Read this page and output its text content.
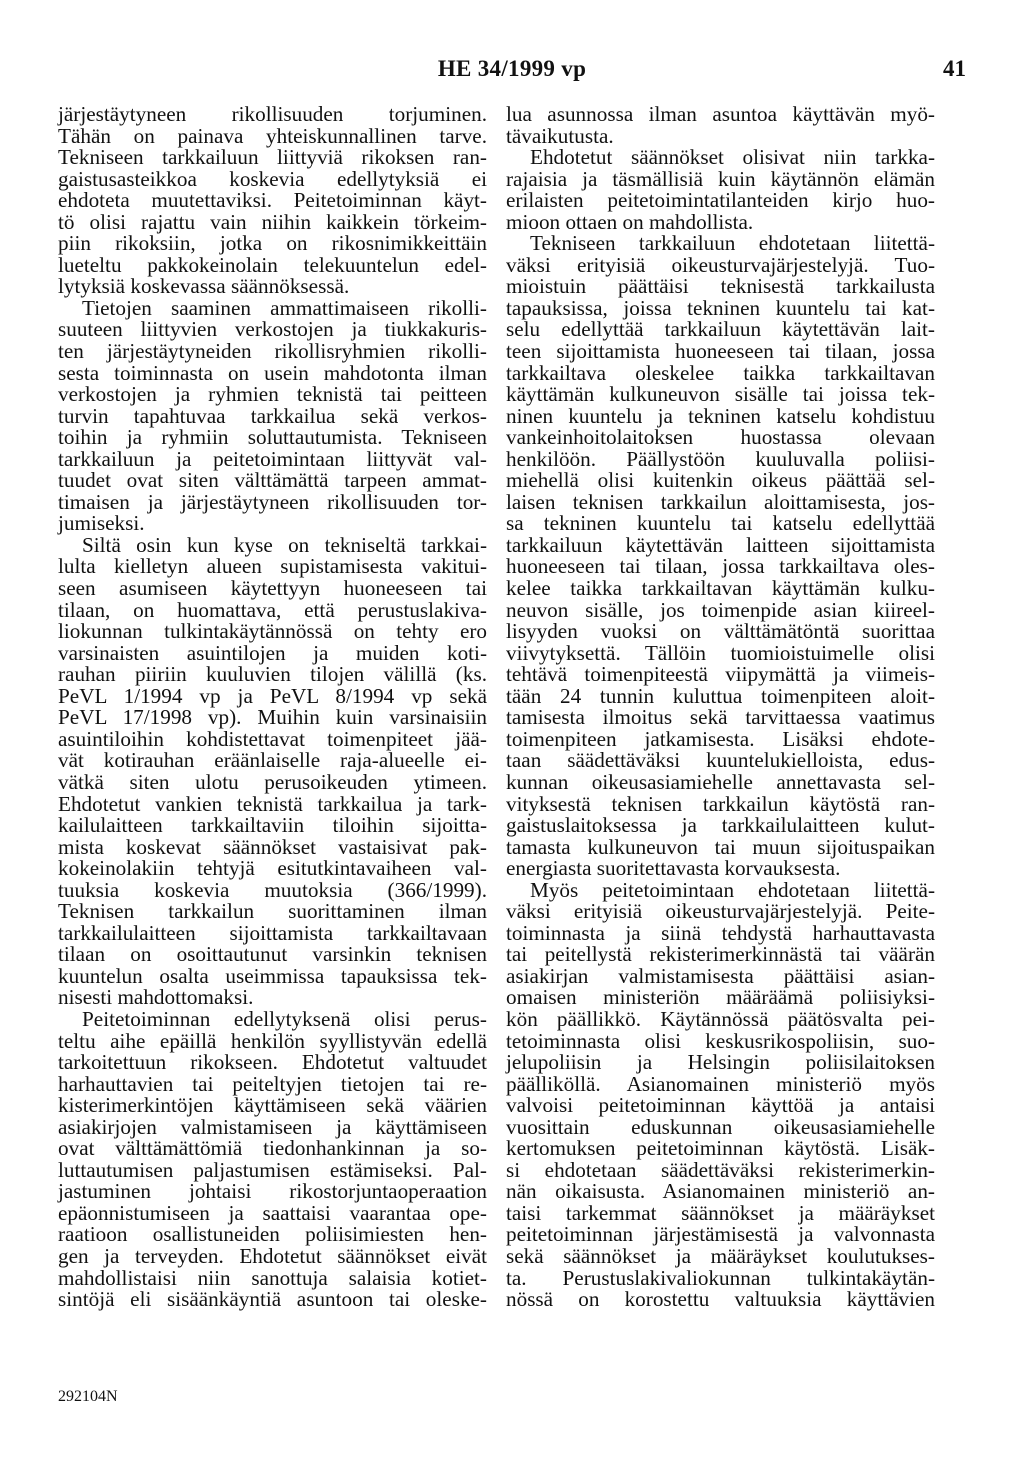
HE 34/1999 vp	41
järjestäytyneen rikollisuuden torjuminen.
Tähän on painava yhteiskunnallinen tarve.
Tekniseen tarkkailuun liittyviä rikoksen ran-
gaistusasteikkoa koskevia edellytyksiä ei
ehdoteta muutettaviksi. Peitetoiminnan käyt-
tö olisi rajattu vain niihin kaikkein törkeim-
piin rikoksiin, jotka on rikosnimikkeittäin
lueteltu pakkokeinolain telekuuntelun edel-
lytyksiä koskevassa säännöksessä.
Tietojen saaminen ammattimaiseen rikolli-
suuteen liittyvien verkostojen ja tiukkakuris-
ten järjestäytyneiden rikollisryhmien rikolli-
sesta toiminnasta on usein mahdotonta ilman
verkostojen ja ryhmien teknistä tai peitteen
turvin tapahtuvaa tarkkailua sekä verkos-
toihin ja ryhmiin soluttautumista. Tekniseen
tarkkailuun ja peitetoimintaan liittyvät val-
tuudet ovat siten välttämättä tarpeen ammat-
timaisen ja järjestäytyneen rikollisuuden tor-
jumiseksi.
Siltä osin kun kyse on tekniseltä tarkkai-
lulta kielletyn alueen supistamisesta vakitui-
seen asumiseen käytettyyn huoneeseen tai
tilaan, on huomattava, että perustuslakiva-
liokunnan tulkintakäytännössä on tehty ero
varsinaisten asuintilojen ja muiden koti-
rauhan piiriin kuuluvien tilojen välillä (ks.
PeVL 1/1994 vp ja PeVL 8/1994 vp sekä
PeVL 17/1998 vp). Muihin kuin varsinaisiin
asuintiloihin kohdistettavat toimenpiteet jää-
vät kotirauhan eräänlaiselle raja-alueelle ei-
vätkä siten ulotu perusoikeuden ytimeen.
Ehdotetut vankien teknistä tarkkailua ja tark-
kailulaitteen tarkkailtaviin tiloihin sijoitta-
mista koskevat säännökset vastaisivat pak-
kokeinolakiin tehtyjä esitutkintavaiheen val-
tuuksia koskevia muutoksia (366/1999).
Teknisen tarkkailun suorittaminen ilman
tarkkailulaitteen sijoittamista tarkkailtavaan
tilaan on osoittautunut varsinkin teknisen
kuuntelun osalta useimmissa tapauksissa tek-
nisesti mahdottomaksi.
Peitetoiminnan edellytyksenä olisi perus-
teltu aihe epäillä henkilön syyllistyvän edellä
tarkoitettuun rikokseen. Ehdotetut valtuudet
harhauttavien tai peiteltyjen tietojen tai re-
kisterimerkintöjen käyttämiseen sekä väärien
asiakirjojen valmistamiseen ja käyttämiseen
ovat välttämättömiä tiedonhankinnan ja so-
luttautumisen paljastumisen estämiseksi. Pal-
jastuminen johtaisi rikostorjuntaoperaation
epäonnistumiseen ja saattaisi vaarantaa ope-
raatioon osallistuneiden poliisimiesten hen-
gen ja terveyden. Ehdotetut säännökset eivät
mahdollistaisi niin sanottuja salaisia kotiet-
sintöjä eli sisäänkäyntiä asuntoon tai oleske-
lua asunnossa ilman asuntoa käyttävän myö-
tävaikutusta.
Ehdotetut säännökset olisivat niin tarkka-
rajaisia ja täsmällisiä kuin käytännön elämän
erilaisten peitetoimintatilanteiden kirjo huo-
mioon ottaen on mahdollista.
Tekniseen tarkkailuun ehdotetaan liitettä-
väksi erityisiä oikeusturvajärjestelyjä. Tuo-
mioistuin päättäisi teknisestä tarkkailusta
tapauksissa, joissa tekninen kuuntelu tai kat-
selu edellyttää tarkkailuun käytettävän lait-
teen sijoittamista huoneeseen tai tilaan, jossa
tarkkailtava oleskelee taikka tarkkailtavan
käyttämän kulkuneuvon sisälle tai joissa tek-
ninen kuuntelu ja tekninen katselu kohdistuu
vankeinhoitolaitoksen huostassa olevaan
henkilöön. Päällystöön kuuluvalla poliisi-
miehellä olisi kuitenkin oikeus päättää sel-
laisen teknisen tarkkailun aloittamisesta, jos-
sa tekninen kuuntelu tai katselu edellyttää
tarkkailuun käytettävän laitteen sijoittamista
huoneeseen tai tilaan, jossa tarkkailtava oles-
kelee taikka tarkkailtavan käyttämän kulku-
neuvon sisälle, jos toimenpide asian kiireel-
lisyyden vuoksi on välttämätöntä suorittaa
viivytyksettä. Tällöin tuomioistuimelle olisi
tehtävä toimenpiteestä viipymättä ja viimeis-
tään 24 tunnin kuluttua toimenpiteen aloit-
tamisesta ilmoitus sekä tarvittaessa vaatimus
toimenpiteen jatkamisesta. Lisäksi ehdote-
taan säädettäväksi kuuntelukielloista, edus-
kunnan oikeusasiamiehelle annettavasta sel-
vityksestä teknisen tarkkailun käytöstä ran-
gaistuslaitoksessa ja tarkkailulaitteen kulut-
tamasta kulkuneuvon tai muun sijoituspaikan
energiasta suoritettavasta korvauksesta.
Myös peitetoimintaan ehdotetaan liitettä-
väksi erityisiä oikeusturvajärjestelyjä. Peite-
toiminnasta ja siinä tehdystä harhauttavasta
tai peitellystä rekisterimerkinnästä tai väärän
asiakirjan valmistamisesta päättäisi asian-
omaisen ministeriön määräämä poliisiyksi-
kön päällikkö. Käytännössä päätösvalta pei-
tetoiminnasta olisi keskusrikospoliisin, suo-
jelupoliisin ja Helsingin poliisilaitoksen
päälliköllä. Asianomainen ministeriö myös
valvoisi peitetoiminnan käyttöä ja antaisi
vuosittain eduskunnan oikeusasiamiehelle
kertomuksen peitetoiminnan käytöstä. Lisäk-
si ehdotetaan säädettäväksi rekisterimerkin-
nän oikaisusta. Asianomainen ministeriö an-
taisi tarkemmat säännökset ja määräykset
peitetoiminnan järjestämisestä ja valvonnasta
sekä säännökset ja määräykset koulutukses-
ta. Perustuslakivaliokunnan tulkintakäytän-
nössä on korostettu valtuuksia käyttävien
292104N
